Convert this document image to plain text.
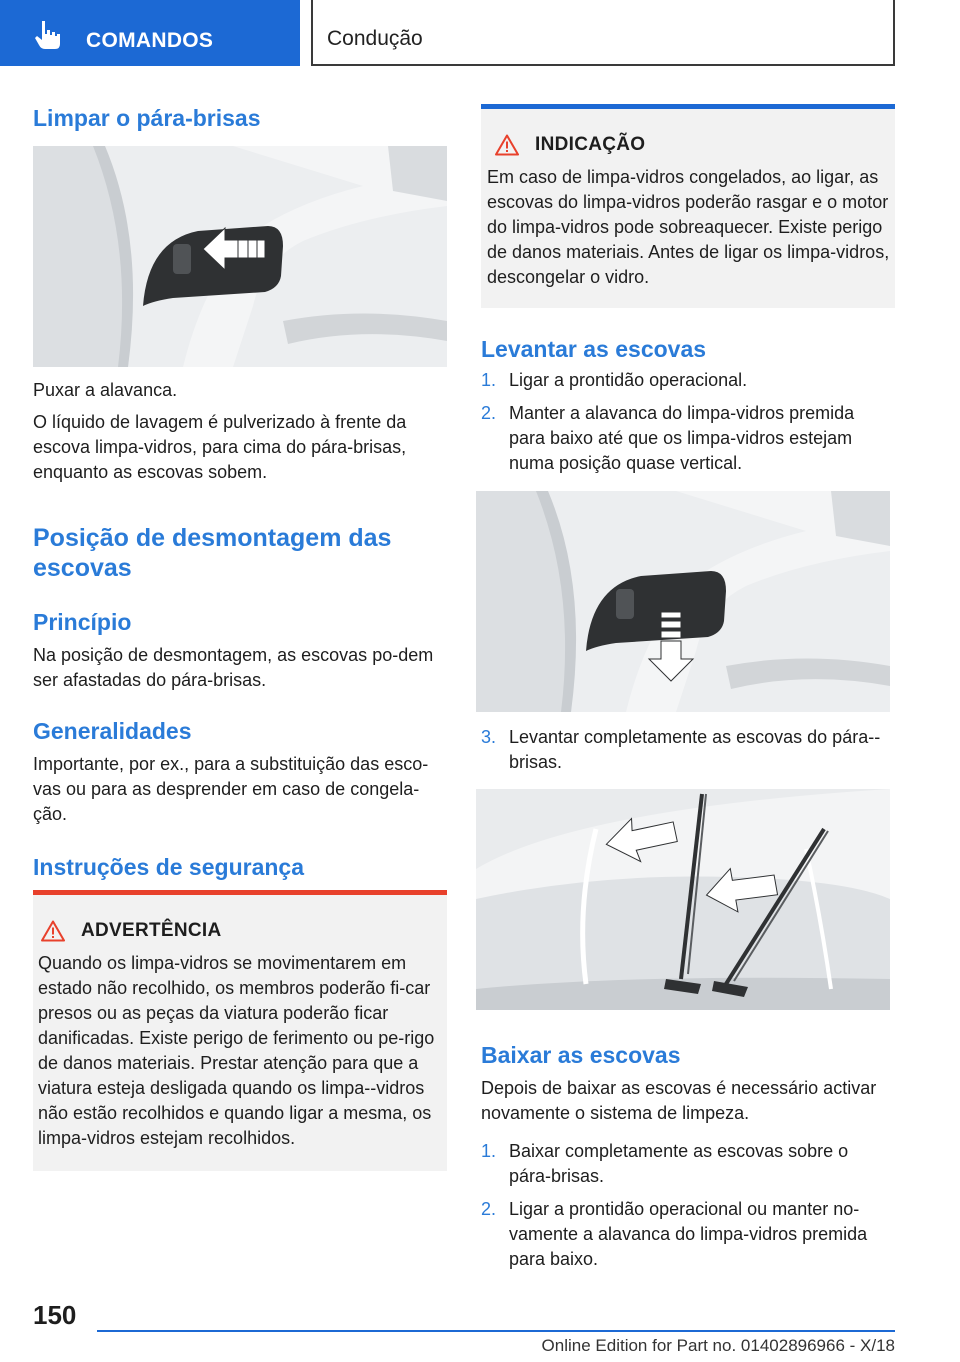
COMANDOS	Condução
Limpar o pára-brisas

Puxar a alavanca.

O líquido de lavagem é pulverizado à frente da escova limpa-vidros, para cima do pára-brisas, enquanto as escovas sobem.

Posição de desmontagem das escovas
Princípio

Na posição de desmontagem, as escovas po-dem ser afastadas do pára-brisas.

Generalidades

Importante, por ex., para a substituição das esco-vas ou para as desprender em caso de congela-ção.

Instruções de segurança
ADVERTÊNCIA

Quando os limpa-vidros se movimentarem em estado não recolhido, os membros poderão fi-car presos ou as peças da viatura poderão ficar danificadas. Existe perigo de ferimento ou pe-rigo de danos materiais. Prestar atenção para que a viatura esteja desligada quando os limpa--vidros não estão recolhidos e quando ligar a mesma, os limpa-vidros estejam recolhidos.

INDICAÇÃO

Em caso de limpa-vidros congelados, ao ligar, as escovas do limpa-vidros poderão rasgar e o motor do limpa-vidros pode sobreaquecer. Existe perigo de danos materiais. Antes de ligar os limpa-vidros, descongelar o vidro.

Levantar as escovas
1. Ligar a prontidão operacional.
2. Manter a alavanca do limpa-vidros premida para baixo até que os limpa-vidros estejam numa posição quase vertical.
3. Levantar completamente as escovas do pára--brisas.
Baixar as escovas

Depois de baixar as escovas é necessário activar novamente o sistema de limpeza.

1. Baixar completamente as escovas sobre o pára-brisas.
2. Ligar a prontidão operacional ou manter no-vamente a alavanca do limpa-vidros premida para baixo.
150
Online Edition for Part no. 01402896966 - X/18
